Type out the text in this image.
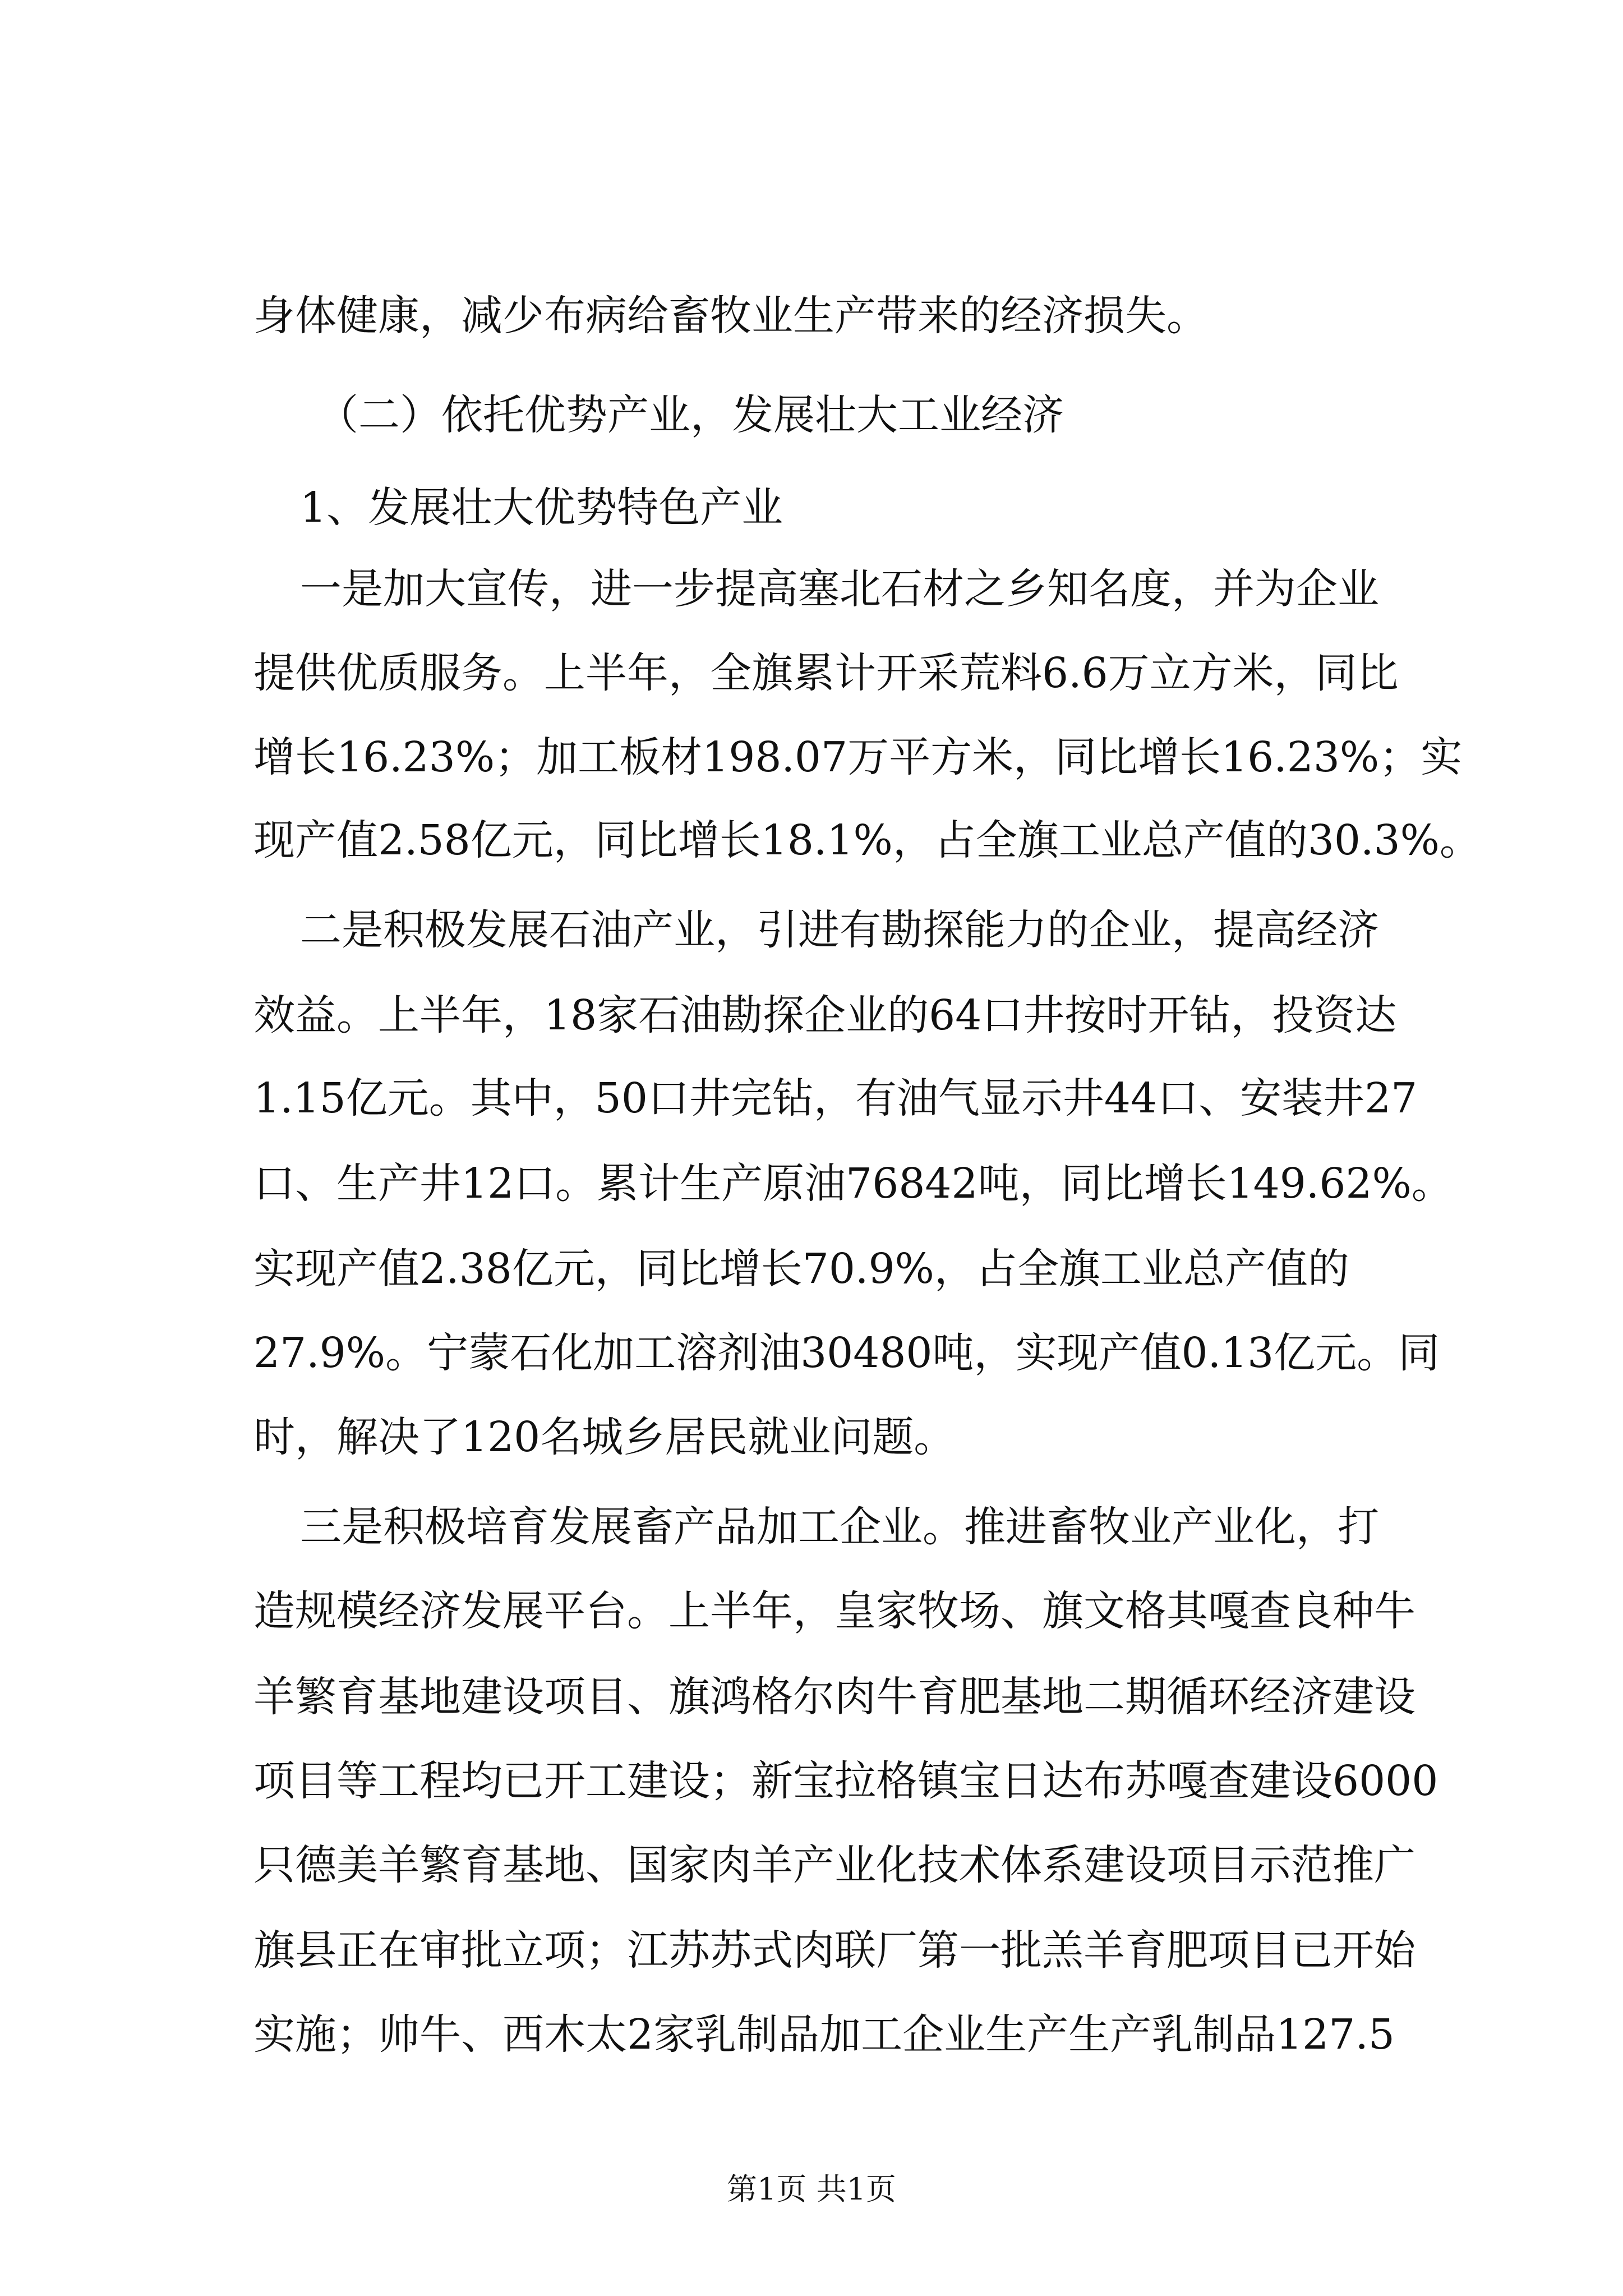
身体健康，减少布病给畜牧业生产带来的经济损失。

（二）依托优势产业，发展壮大工业经济

1、发展壮大优势特色产业

一是加大宣传，进一步提高塞北石材之乡知名度，并为企业

提供优质服务。上半年，全旗累计开采荒料6.6万立方米，同比

增长16.23%；加工板材198.07万平方米，同比增长16.23%；实

现产值2.58亿元，同比增长18.1%，占全旗工业总产值的30.3%。

二是积极发展石油产业，引进有勘探能力的企业，提高经济

效益。上半年，18家石油勘探企业的64口井按时开钻，投资达

1.15亿元。其中，50口井完钻，有油气显示井44口、安装井27

口、生产井12口。累计生产原油76842吨，同比增长149.62%。

实现产值2.38亿元，同比增长70.9%，占全旗工业总产值的

27.9%。宁蒙石化加工溶剂油30480吨，实现产值0.13亿元。同

时，解决了120名城乡居民就业问题。

三是积极培育发展畜产品加工企业。推进畜牧业产业化，打

造规模经济发展平台。上半年，皇家牧场、旗文格其嘎查良种牛

羊繁育基地建设项目、旗鸿格尔肉牛育肥基地二期循环经济建设

项目等工程均已开工建设；新宝拉格镇宝日达布苏嘎查建设6000

只德美羊繁育基地、国家肉羊产业化技术体系建设项目示范推广

旗县正在审批立项；江苏苏式肉联厂第一批羔羊育肥项目已开始

实施；帅牛、西木太2家乳制品加工企业生产生产乳制品127.5

第1页 共1页
